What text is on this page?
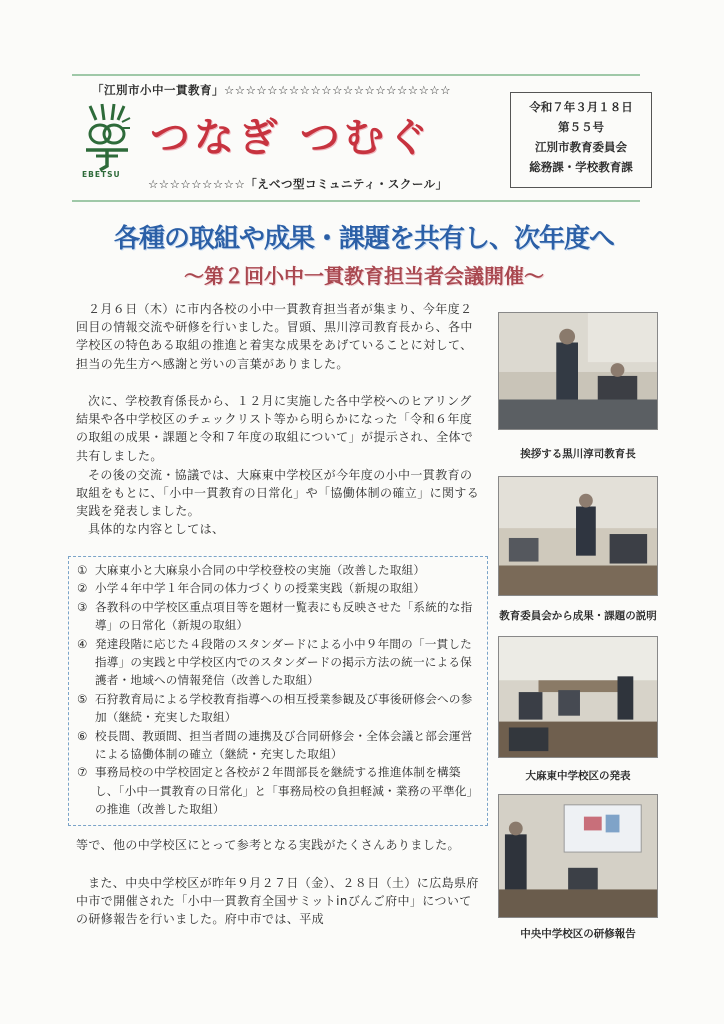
「江別市小中一貫教育」☆☆☆☆☆☆☆☆☆☆☆☆☆☆☆☆☆☆☆☆☆
EBETSU
つなぎ つむぐ
☆☆☆☆☆☆☆☆☆「えべつ型コミュニティ・スクール」
令和７年３月１８日
第５５号
江別市教育委員会
総務課・学校教育課
各種の取組や成果・課題を共有し、次年度へ
～第２回小中一貫教育担当者会議開催～

２月６日（木）に市内各校の小中一貫教育担当者が集まり、今年度２回目の情報交流や研修を行いました。冒頭、黒川淳司教育長から、各中学校区の特色ある取組の推進と着実な成果をあげていることに対して、担当の先生方へ感謝と労いの言葉がありました。

次に、学校教育係長から、１２月に実施した各中学校へのヒアリング結果や各中学校区のチェックリスト等から明らかになった「令和６年度の取組の成果・課題と令和７年度の取組について」が提示され、全体で共有しました。

その後の交流・協議では、大麻東中学校区が今年度の小中一貫教育の取組をもとに、「小中一貫教育の日常化」や「協働体制の確立」に関する実践を発表しました。

具体的な内容としては、

① 大麻東小と大麻泉小合同の中学校登校の実施（改善した取組）
② 小学４年中学１年合同の体力づくりの授業実践（新規の取組）
③ 各教科の中学校区重点項目等を題材一覧表にも反映させた「系統的な指導」の日常化（新規の取組）
④ 発達段階に応じた４段階のスタンダードによる小中９年間の「一貫した指導」の実践と中学校区内でのスタンダードの掲示方法の統一による保護者・地域への情報発信（改善した取組）
⑤ 石狩教育局による学校教育指導への相互授業参観及び事後研修会への参加（継続・充実した取組）
⑥ 校長間、教頭間、担当者間の連携及び合同研修会・全体会議と部会運営による協働体制の確立（継続・充実した取組）
⑦ 事務局校の中学校固定と各校が２年間部長を継続する推進体制を構築し、「小中一貫教育の日常化」と「事務局校の負担軽減・業務の平準化」の推進（改善した取組）

等で、他の中学校区にとって参考となる実践がたくさんありました。

また、中央中学校区が昨年９月２７日（金）、２８日（土）に広島県府中市で開催された「小中一貫教育全国サミットinびんご府中」についての研修報告を行いました。府中市では、平成

挨拶する黒川淳司教育長
教育委員会から成果・課題の説明
大麻東中学校区の発表
中央中学校区の研修報告
